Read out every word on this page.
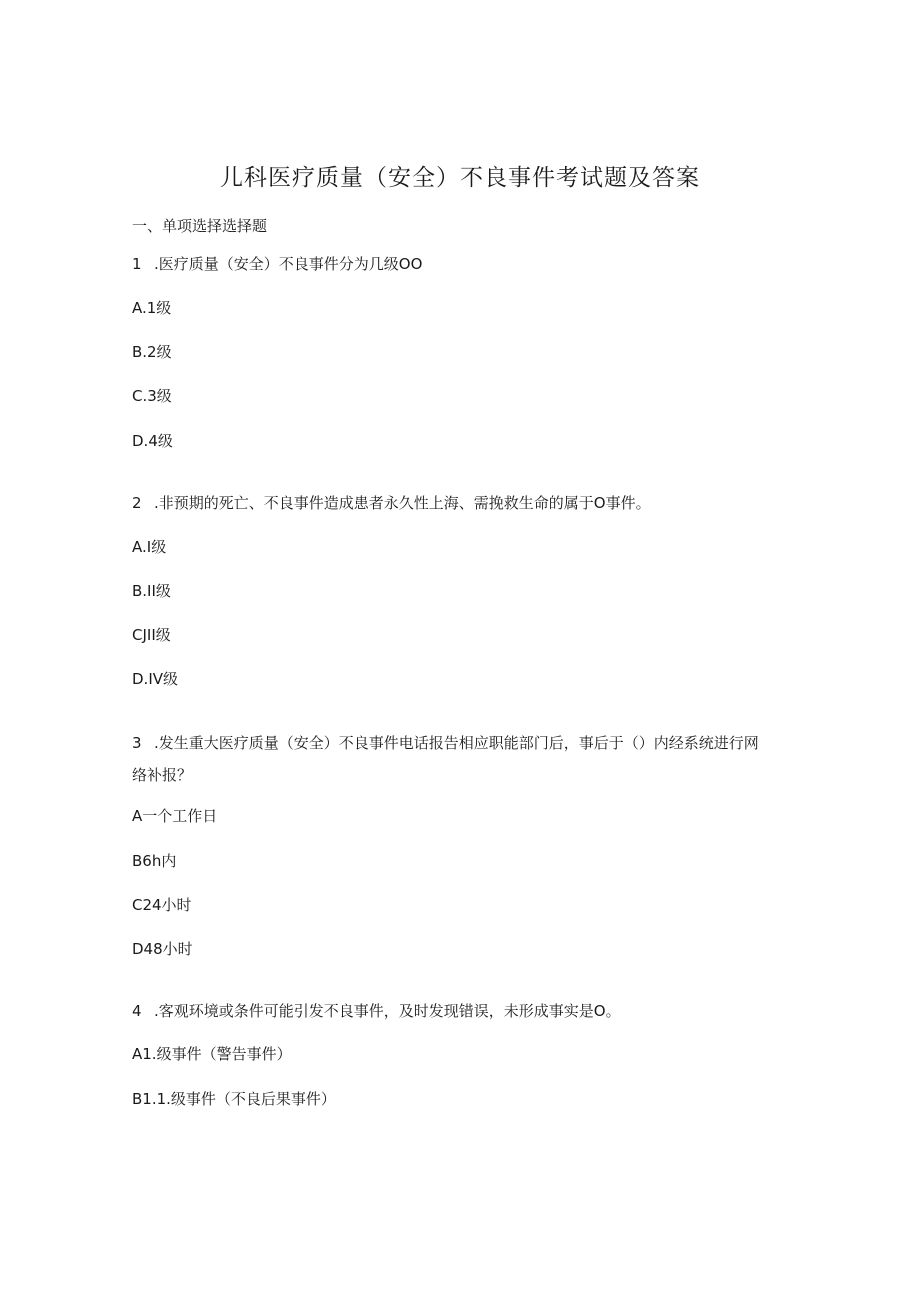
儿科医疗质量（安全）不良事件考试题及答案
一、单项选择选择题
1 .医疗质量（安全）不良事件分为几级OO
A.1级
B.2级
C.3级
D.4级
2 .非预期的死亡、不良事件造成患者永久性上海、需挽救生命的属于O事件。
A.I级
B.II级
CJII级
D.IV级
3 .发生重大医疗质量（安全）不良事件电话报告相应职能部门后，事后于（）内经系统进行网络补报？
A一个工作日
B6h内
C24小时
D48小时
4 .客观环境或条件可能引发不良事件，及时发现错误，未形成事实是O。
A1.级事件（警告事件）
B1.1.级事件（不良后果事件）
